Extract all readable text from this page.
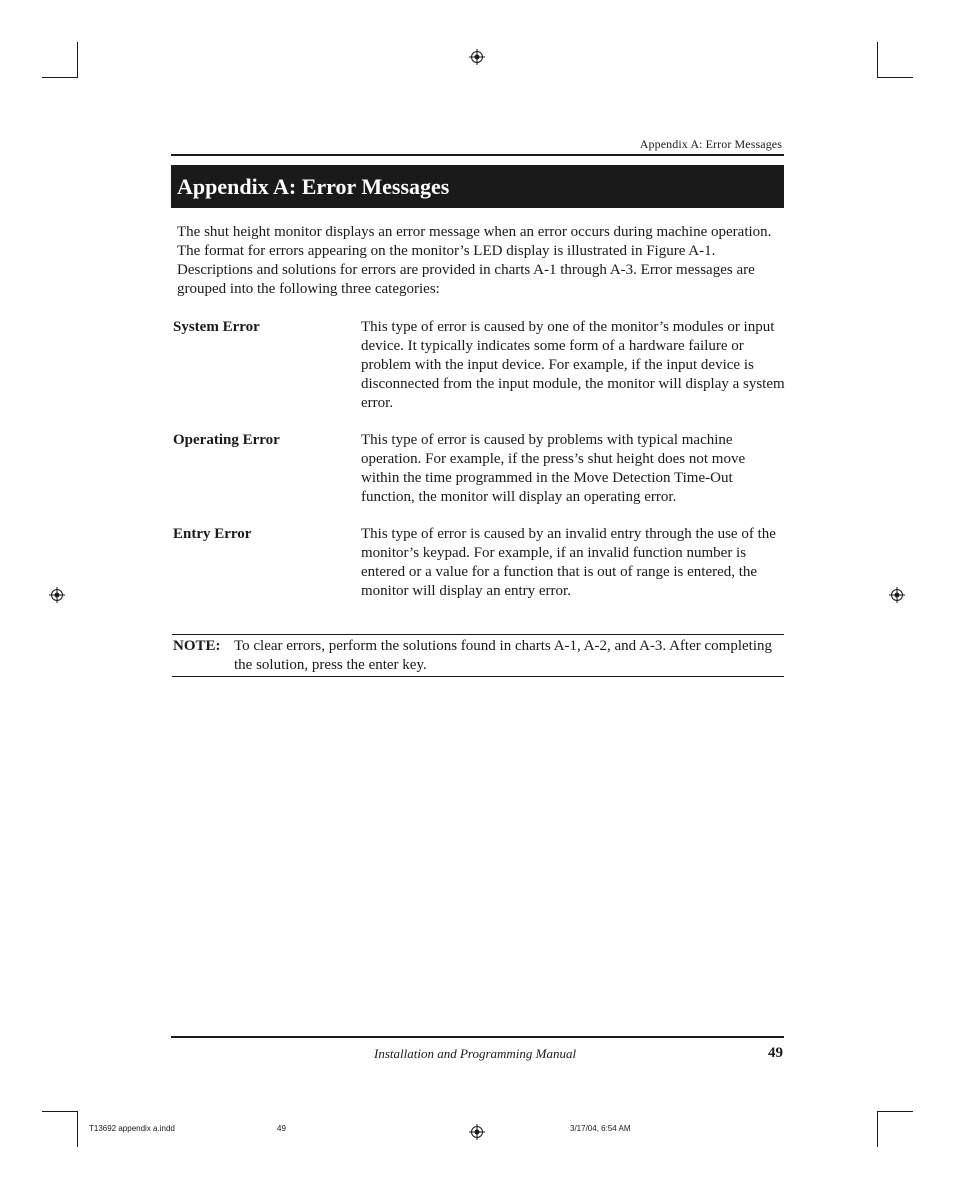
Appendix A: Error Messages
Appendix A: Error Messages
The shut height monitor displays an error message when an error occurs during machine operation. The format for errors appearing on the monitor’s LED display is illustrated in Figure A-1. Descriptions and solutions for errors are provided in charts A-1 through A-3. Error messages are grouped into the following three categories:
System Error	This type of error is caused by one of the monitor’s modules or input device. It typically indicates some form of a hardware failure or problem with the input device. For example, if the input device is disconnected from the input module, the monitor will display a system error.
Operating Error	This type of error is caused by problems with typical machine operation. For example, if the press’s shut height does not move within the time programmed in the Move Detection Time-Out function, the monitor will display an operating error.
Entry Error	This type of error is caused by an invalid entry through the use of the monitor’s keypad. For example, if an invalid function number is entered or a value for a function that is out of range is entered, the monitor will display an entry error.
NOTE: To clear errors, perform the solutions found in charts A-1, A-2, and A-3. After completing the solution, press the enter key.
Installation and Programming Manual	49
T13692 appendix a.indd	49	3/17/04, 6:54 AM
